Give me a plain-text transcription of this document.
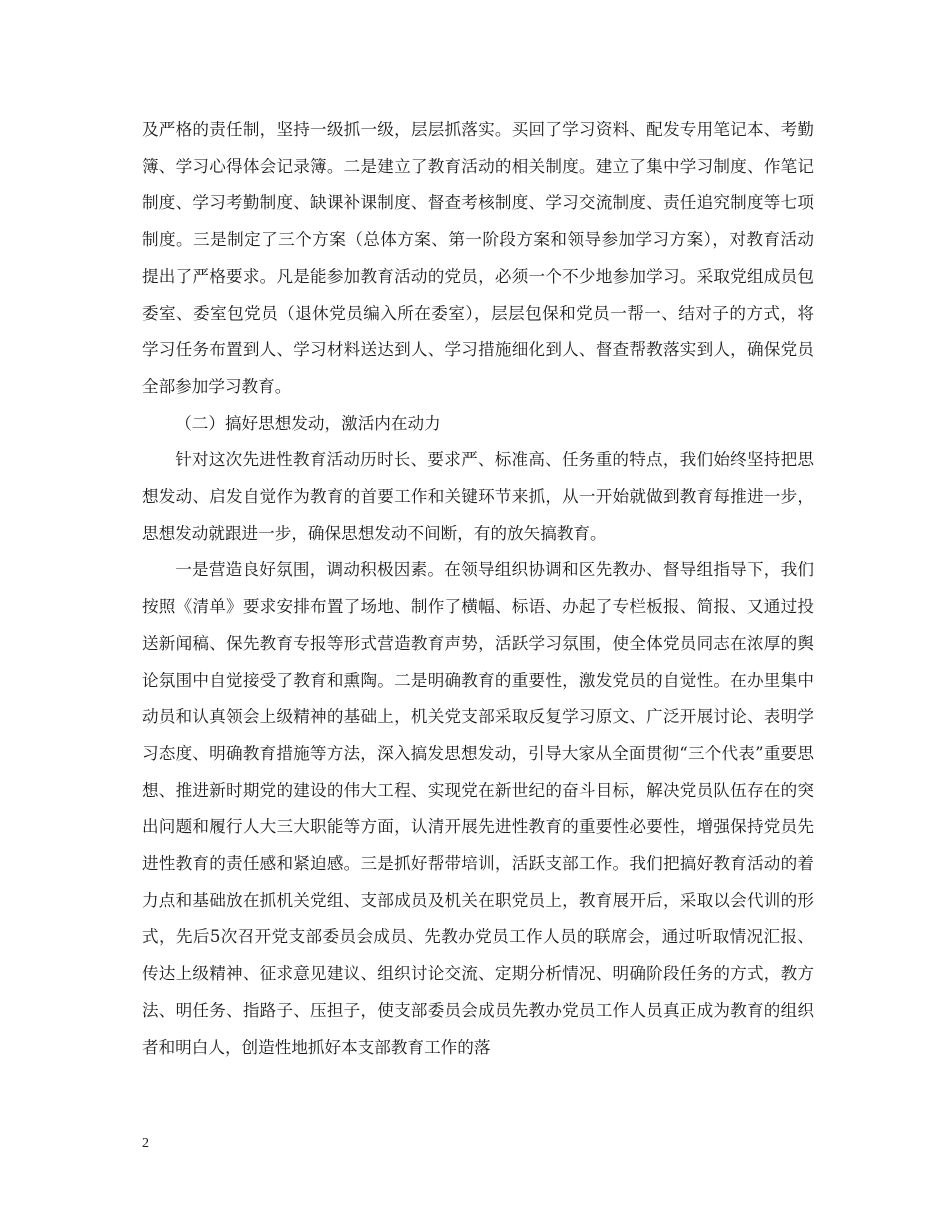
及严格的责任制，坚持一级抓一级，层层抓落实。买回了学习资料、配发专用笔记本、考勤簿、学习心得体会记录簿。二是建立了教育活动的相关制度。建立了集中学习制度、作笔记制度、学习考勤制度、缺课补课制度、督查考核制度、学习交流制度、责任追究制度等七项制度。三是制定了三个方案（总体方案、第一阶段方案和领导参加学习方案），对教育活动提出了严格要求。凡是能参加教育活动的党员，必须一个不少地参加学习。采取党组成员包委室、委室包党员（退休党员编入所在委室），层层包保和党员一帮一、结对子的方式，将学习任务布置到人、学习材料送达到人、学习措施细化到人、督查帮教落实到人，确保党员全部参加学习教育。

（二）搞好思想发动，激活内在动力

针对这次先进性教育活动历时长、要求严、标准高、任务重的特点，我们始终坚持把思想发动、启发自觉作为教育的首要工作和关键环节来抓，从一开始就做到教育每推进一步，思想发动就跟进一步，确保思想发动不间断，有的放矢搞教育。

一是营造良好氛围，调动积极因素。在领导组织协调和区先教办、督导组指导下，我们按照《清单》要求安排布置了场地、制作了横幅、标语、办起了专栏板报、简报、又通过投送新闻稿、保先教育专报等形式营造教育声势，活跃学习氛围，使全体党员同志在浓厚的舆论氛围中自觉接受了教育和熏陶。二是明确教育的重要性，激发党员的自觉性。在办里集中动员和认真领会上级精神的基础上，机关党支部采取反复学习原文、广泛开展讨论、表明学习态度、明确教育措施等方法，深入搞发思想发动，引导大家从全面贯彻“三个代表”重要思想、推进新时期党的建设的伟大工程、实现党在新世纪的奋斗目标，解决党员队伍存在的突出问题和履行人大三大职能等方面，认清开展先进性教育的重要性必要性，增强保持党员先进性教育的责任感和紧迫感。三是抓好帮带培训，活跃支部工作。我们把搞好教育活动的着力点和基础放在抓机关党组、支部成员及机关在职党员上，教育展开后，采取以会代训的形式，先后5次召开党支部委员会成员、先教办党员工作人员的联席会，通过听取情况汇报、传达上级精神、征求意见建议、组织讨论交流、定期分析情况、明确阶段任务的方式，教方法、明任务、指路子、压担子，使支部委员会成员先教办党员工作人员真正成为教育的组织者和明白人，创造性地抓好本支部教育工作的落

2
